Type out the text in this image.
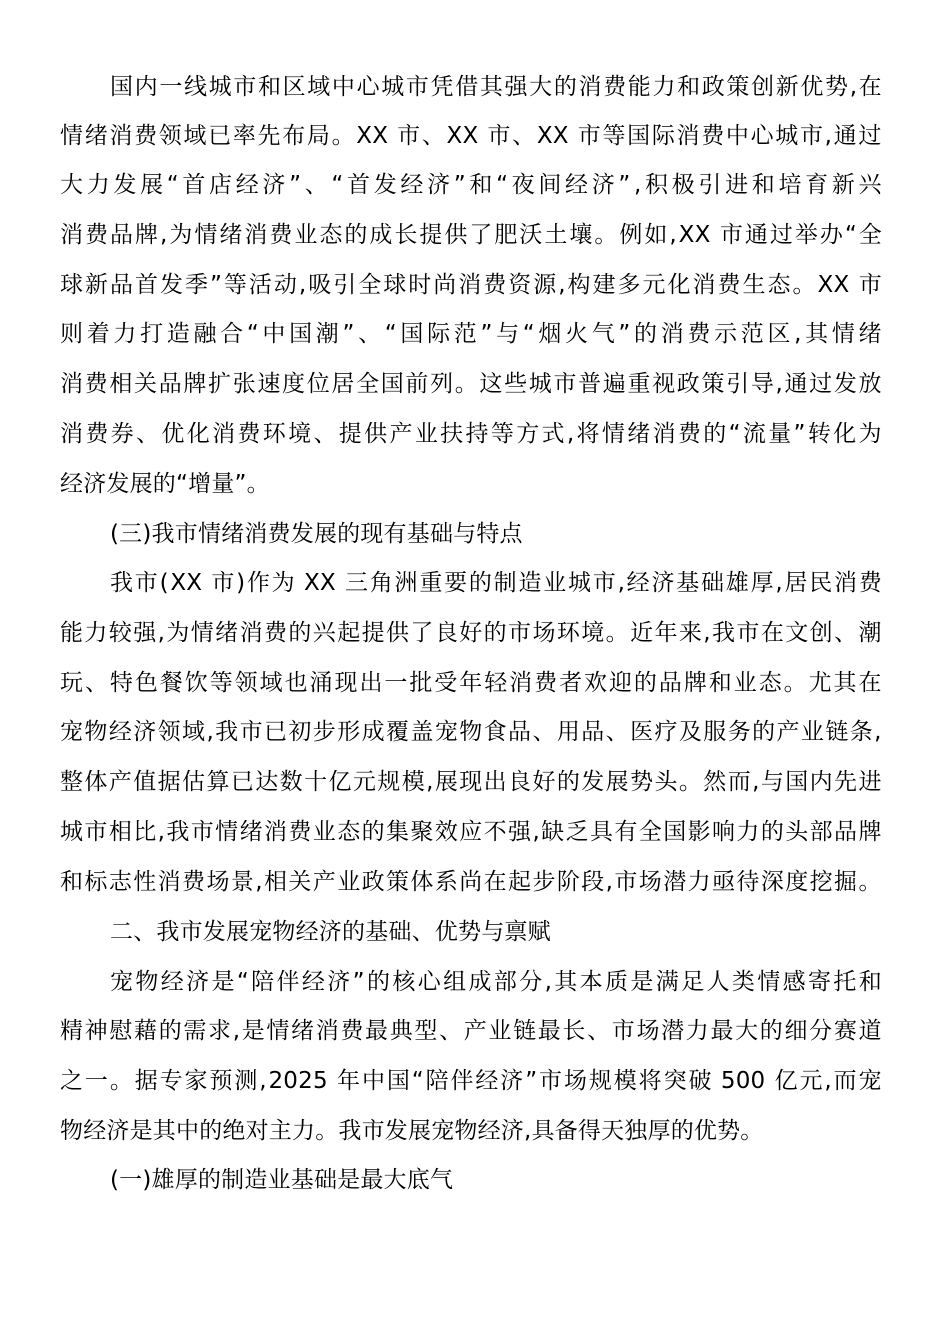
国 内 一 线 城 市 和 区 域 中 心 城 市 凭 借 其 强 大 的 消 费 能 力 和 政 策 创 新 优 势 , 在
情 绪 消 费 领 域 已 率 先 布 局 。 XX 市 、 XX 市 、 XX 市 等 国 际 消 费 中 心 城 市 , 通 过
大 力 发 展 “ 首 店 经 济 ” 、 “ 首 发 经 济 ” 和 “ 夜 间 经 济 ” , 积 极 引 进 和 培 育 新 兴
消 费 品 牌 , 为 情 绪 消 费 业 态 的 成 长 提 供 了 肥 沃 土 壤 。 例 如 , XX 市 通 过 举 办 “ 全
球 新 品 首 发 季 ” 等 活 动 , 吸 引 全 球 时 尚 消 费 资 源 , 构 建 多 元 化 消 费 生 态 。 XX 市
则 着 力 打 造 融 合 “ 中 国 潮 ” 、 “ 国 际 范 ” 与 “ 烟 火 气 ” 的 消 费 示 范 区 , 其 情 绪
消 费 相 关 品 牌 扩 张 速 度 位 居 全 国 前 列 。 这 些 城 市 普 遍 重 视 政 策 引 导 , 通 过 发 放
消 费 券 、 优 化 消 费 环 境 、 提 供 产 业 扶 持 等 方 式 , 将 情 绪 消 费 的 “ 流 量 ” 转 化 为
经济发展的“增量”。
(三)我市情绪消费发展的现有基础与特点
我 市 ( XX 市 ) 作 为 XX 三 角 洲 重 要 的 制 造 业 城 市 , 经 济 基 础 雄 厚 , 居 民 消 费
能 力 较 强 , 为 情 绪 消 费 的 兴 起 提 供 了 良 好 的 市 场 环 境 。 近 年 来 , 我 市 在 文 创 、 潮
玩 、 特 色 餐 饮 等 领 域 也 涌 现 出 一 批 受 年 轻 消 费 者 欢 迎 的 品 牌 和 业 态 。 尤 其 在
宠 物 经 济 领 域 , 我 市 已 初 步 形 成 覆 盖 宠 物 食 品 、 用 品 、 医 疗 及 服 务 的 产 业 链 条 ,
整 体 产 值 据 估 算 已 达 数 十 亿 元 规 模 , 展 现 出 良 好 的 发 展 势 头 。 然 而 , 与 国 内 先 进
城 市 相 比 , 我 市 情 绪 消 费 业 态 的 集 聚 效 应 不 强 , 缺 乏 具 有 全 国 影 响 力 的 头 部 品 牌
和 标 志 性 消 费 场 景 , 相 关 产 业 政 策 体 系 尚 在 起 步 阶 段 , 市 场 潜 力 亟 待 深 度 挖 掘 。
二、我市发展宠物经济的基础、优势与禀赋
宠 物 经 济 是 “ 陪 伴 经 济 ” 的 核 心 组 成 部 分 , 其 本 质 是 满 足 人 类 情 感 寄 托 和
精 神 慰 藉 的 需 求 , 是 情 绪 消 费 最 典 型 、 产 业 链 最 长 、 市 场 潜 力 最 大 的 细 分 赛 道
之 一 。 据 专 家 预 测 , 2025 年 中 国 “ 陪 伴 经 济 ” 市 场 规 模 将 突 破 500 亿 元 , 而 宠
物经济是其中的绝对主力。我市发展宠物经济,具备得天独厚的优势。
(一)雄厚的制造业基础是最大底气
